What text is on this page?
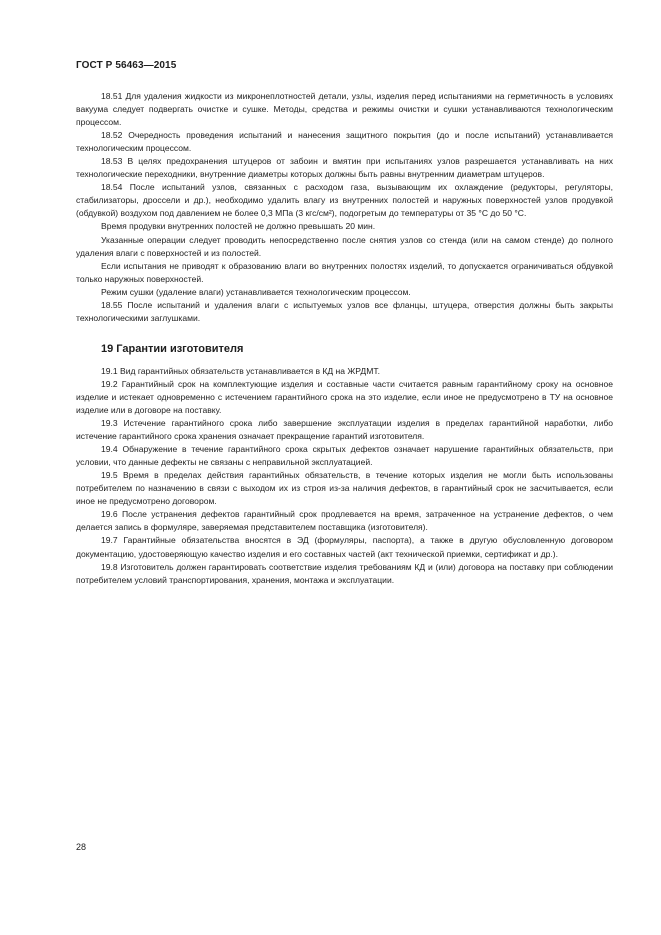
ГОСТ Р 56463—2015

18.51 Для удаления жидкости из микронеплотностей детали, узлы, изделия перед испытаниями на герметичность в условиях вакуума следует подвергать очистке и сушке. Методы, средства и режимы очистки и сушки устанавливаются технологическим процессом.

18.52 Очередность проведения испытаний и нанесения защитного покрытия (до и после испытаний) устанавливается технологическим процессом.

18.53 В целях предохранения штуцеров от забоин и вмятин при испытаниях узлов разрешается устанавливать на них технологические переходники, внутренние диаметры которых должны быть равны внутренним диаметрам штуцеров.

18.54 После испытаний узлов, связанных с расходом газа, вызывающим их охлаждение (редукторы, регуляторы, стабилизаторы, дроссели и др.), необходимо удалить влагу из внутренних полостей и наружных поверхностей узлов продувкой (обдувкой) воздухом под давлением не более 0,3 МПа (3 кгс/см²), подогретым до температуры от 35 °С до 50 °С.

Время продувки внутренних полостей не должно превышать 20 мин.

Указанные операции следует проводить непосредственно после снятия узлов со стенда (или на самом стенде) до полного удаления влаги с поверхностей и из полостей.

Если испытания не приводят к образованию влаги во внутренних полостях изделий, то допускается ограничиваться обдувкой только наружных поверхностей.

Режим сушки (удаление влаги) устанавливается технологическим процессом.

18.55 После испытаний и удаления влаги с испытуемых узлов все фланцы, штуцера, отверстия должны быть закрыты технологическими заглушками.

19 Гарантии изготовителя

19.1 Вид гарантийных обязательств устанавливается в КД на ЖРДМТ.

19.2 Гарантийный срок на комплектующие изделия и составные части считается равным гарантийному сроку на основное изделие и истекает одновременно с истечением гарантийного срока на это изделие, если иное не предусмотрено в ТУ на основное изделие или в договоре на поставку.

19.3 Истечение гарантийного срока либо завершение эксплуатации изделия в пределах гарантийной наработки, либо истечение гарантийного срока хранения означает прекращение гарантий изготовителя.

19.4 Обнаружение в течение гарантийного срока скрытых дефектов означает нарушение гарантийных обязательств, при условии, что данные дефекты не связаны с неправильной эксплуатацией.

19.5 Время в пределах действия гарантийных обязательств, в течение которых изделия не могли быть использованы потребителем по назначению в связи с выходом их из строя из-за наличия дефектов, в гарантийный срок не засчитывается, если иное не предусмотрено договором.

19.6 После устранения дефектов гарантийный срок продлевается на время, затраченное на устранение дефектов, о чем делается запись в формуляре, заверяемая представителем поставщика (изготовителя).

19.7 Гарантийные обязательства вносятся в ЭД (формуляры, паспорта), а также в другую обусловленную договором документацию, удостоверяющую качество изделия и его составных частей (акт технической приемки, сертификат и др.).

19.8 Изготовитель должен гарантировать соответствие изделия требованиям КД и (или) договора на поставку при соблюдении потребителем условий транспортирования, хранения, монтажа и эксплуатации.

28
